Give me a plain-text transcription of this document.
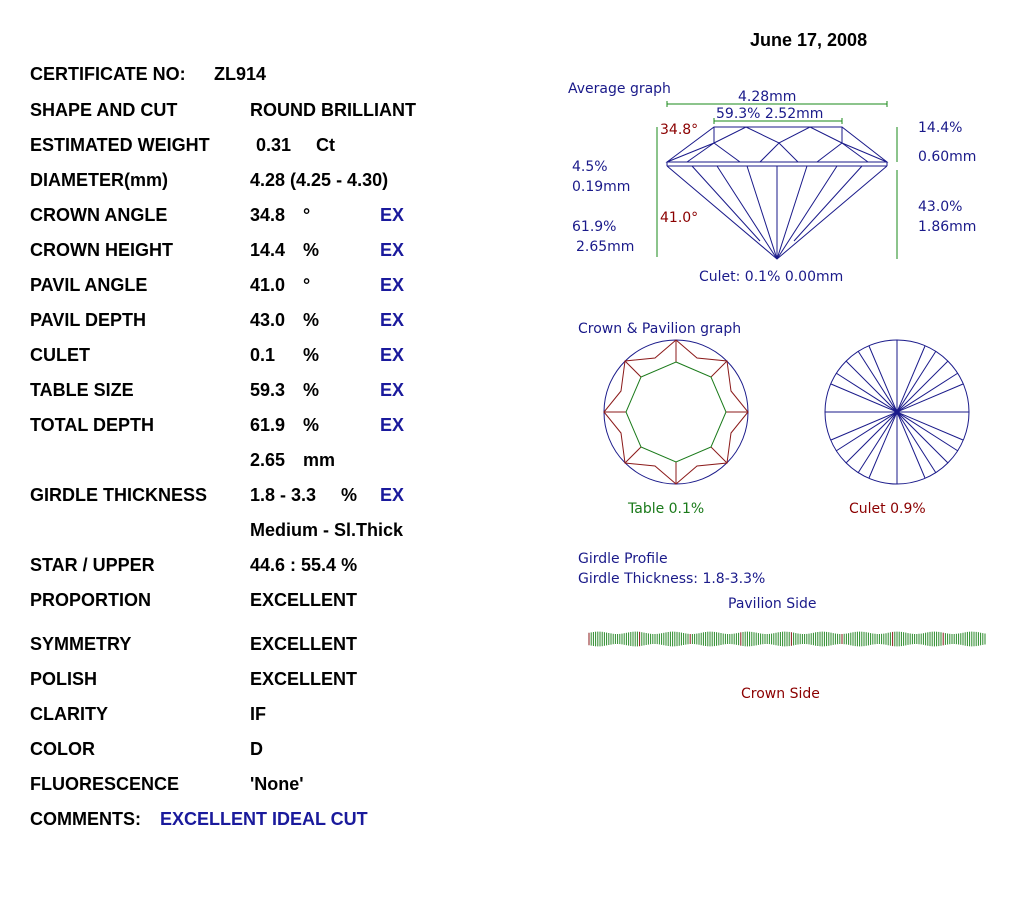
June 17, 2008
CERTIFICATE NO: ZL914
SHAPE AND CUT	ROUND BRILLIANT
ESTIMATED WEIGHT	0.31 Ct
DIAMETER(mm)	4.28 (4.25 - 4.30)
CROWN ANGLE	34.8 °	EX
CROWN HEIGHT	14.4 %	EX
PAVIL ANGLE	41.0 °	EX
PAVIL DEPTH	43.0 %	EX
CULET	0.1 %	EX
TABLE SIZE	59.3 %	EX
TOTAL DEPTH	61.9 %	EX
2.65 mm
GIRDLE THICKNESS 1.8 - 3.3 % EX
Medium - Sl.Thick
STAR / UPPER	44.6 : 55.4 %
PROPORTION	EXCELLENT
SYMMETRY	EXCELLENT
POLISH	EXCELLENT
CLARITY	IF
COLOR	D
FLUORESCENCE	'None'
COMMENTS: EXCELLENT IDEAL CUT
Average graph	4.28mm
59.3% 2.52mm
34.8°	14.4%
0.60mm
4.5%
0.19mm
41.0°
43.0%
1.86mm
61.9%
2.65mm
Culet: 0.1% 0.00mm
Crown & Pavilion graph
Table 0.1%	Culet 0.9%
Girdle Profile
Girdle Thickness: 1.8-3.3%
Pavilion Side
Crown Side
